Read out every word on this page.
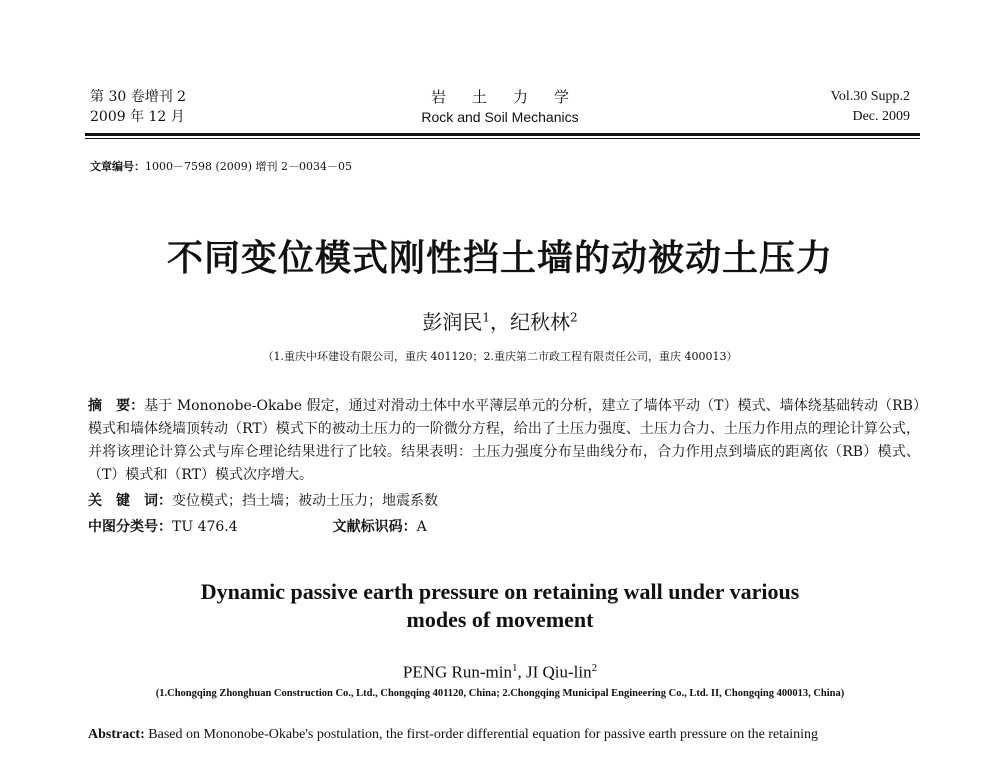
第 30 卷增刊 2
2009 年 12 月
岩土力学
Rock and Soil Mechanics
Vol.30 Supp.2
Dec. 2009
文章编号：1000－7598 (2009) 增刊 2－0034－05
不同变位模式刚性挡土墙的动被动土压力
彭润民$^1$，纪秋林$^2$
（1.重庆中环建设有限公司，重庆 401120；2.重庆第二市政工程有限责任公司，重庆 400013）
摘　要：基于 Mononobe-Okabe 假定，通过对滑动土体中水平薄层单元的分析，建立了墙体平动（T）模式、墙体绕基础转动（RB）模式和墙体绕墙顶转动（RT）模式下的被动土压力的一阶微分方程，给出了土压力强度、土压力合力、土压力作用点的理论计算公式，并将该理论计算公式与库仑理论结果进行了比较。结果表明：土压力强度分布呈曲线分布，合力作用点到墙底的距离依（RB）模式、（T）模式和（RT）模式次序增大。
关　键　词：变位模式；挡土墙；被动土压力；地震系数
中图分类号：TU 476.4	文献标识码：A
Dynamic passive earth pressure on retaining wall under various
modes of movement
PENG Run-$\min^1$, JI Qiu-lin$^2$
(1.Chongqing Zhonghuan Construction Co., Ltd., Chongqing 401120, China; 2.Chongqing Municipal Engineering Co., Ltd. II, Chongqing 400013, China)
Abstract: Based on Mononobe-Okabe's postulation, the first-order differential equation for passive earth pressure on the retaining
